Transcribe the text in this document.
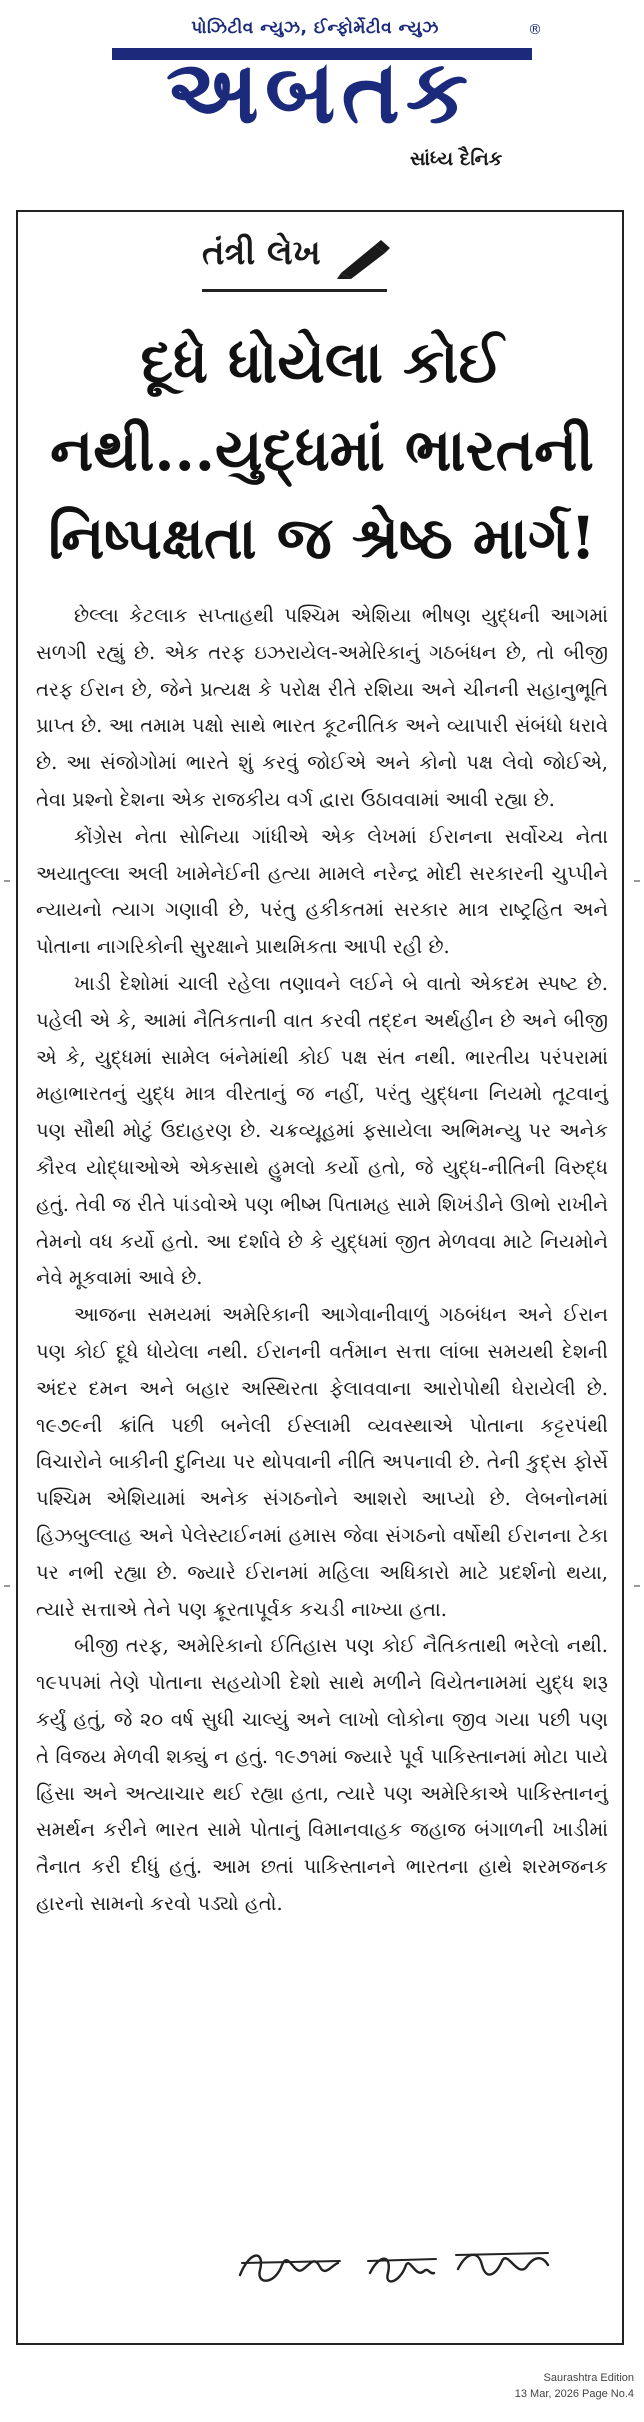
પોઝિટીવ ન્યુઝ, ઈન્ફોર્મેટીવ ન્યુઝ
અબતક
®
સાંધ્ય દૈનિક
તંત્રી લેખ
દૂધે ધોયેલા કોઈ નથી...યુદ્ધમાં ભારતની નિષ્પક્ષતા જ શ્રેષ્ઠ માર્ગ!

છેલ્લા કેટલાક સપ્તાહથી પશ્ચિમ એશિયા ભીષણ યુદ્ધની આગમાં સળગી રહ્યું છે. એક તરફ ઇઝરાયેલ-અમેરિકાનું ગઠબંધન છે, તો બીજી તરફ ઈરાન છે, જેને પ્રત્યક્ષ કે પરોક્ષ રીતે રશિયા અને ચીનની સહાનુભૂતિ પ્રાપ્ત છે. આ તમામ પક્ષો સાથે ભારત કૂટનીતિક અને વ્યાપારી સંબંધો ધરાવે છે. આ સંજોગોમાં ભારતે શું કરવું જોઈએ અને કોનો પક્ષ લેવો જોઈએ, તેવા પ્રશ્નો દેશના એક રાજકીય વર્ગ દ્વારા ઉઠાવવામાં આવી રહ્યા છે.

કોંગ્રેસ નેતા સોનિયા ગાંધીએ એક લેખમાં ઈરાનના સર્વોચ્ચ નેતા અયાતુલ્લા અલી ખામેનેઈની હત્યા મામલે નરેન્દ્ર મોદી સરકારની ચુપ્પીને ન્યાયનો ત્યાગ ગણાવી છે, પરંતુ હકીકતમાં સરકાર માત્ર રાષ્ટ્રહિત અને પોતાના નાગરિકોની સુરક્ષાને પ્રાથમિકતા આપી રહી છે.

ખાડી દેશોમાં ચાલી રહેલા તણાવને લઈને બે વાતો એકદમ સ્પષ્ટ છે. પહેલી એ કે, આમાં નૈતિકતાની વાત કરવી તદ્દન અર્થહીન છે અને બીજી એ કે, યુદ્ધમાં સામેલ બંનેમાંથી કોઈ પક્ષ સંત નથી. ભારતીય પરંપરામાં મહાભારતનું યુદ્ધ માત્ર વીરતાનું જ નહીં, પરંતુ યુદ્ધના નિયમો તૂટવાનું પણ સૌથી મોટું ઉદાહરણ છે. ચક્રવ્યૂહમાં ફસાયેલા અભિમન્યુ પર અનેક કૌરવ યોદ્ધાઓએ એકસાથે હુમલો કર્યો હતો, જે યુદ્ધ-નીતિની વિરુદ્ધ હતું. તેવી જ રીતે પાંડવોએ પણ ભીષ્મ પિતામહ સામે શિખંડીને ઊભો રાખીને તેમનો વધ કર્યો હતો. આ દર્શાવે છે કે યુદ્ધમાં જીત મેળવવા માટે નિયમોને નેવે મૂકવામાં આવે છે.

આજના સમયમાં અમેરિકાની આગેવાનીવાળું ગઠબંધન અને ઈરાન પણ કોઈ દૂધે ધોયેલા નથી. ઈરાનની વર્તમાન સત્તા લાંબા સમયથી દેશની અંદર દમન અને બહાર અસ્થિરતા ફેલાવવાના આરોપોથી ઘેરાયેલી છે. ૧૯૭૯ની ક્રાંતિ પછી બનેલી ઈસ્લામી વ્યવસ્થાએ પોતાના કટ્ટરપંથી વિચારોને બાકીની દુનિયા પર થોપવાની નીતિ અપનાવી છે. તેની કુદ્સ ફોર્સે પશ્ચિમ એશિયામાં અનેક સંગઠનોને આશરો આપ્યો છે. લેબનોનમાં હિઝબુલ્લાહ અને પેલેસ્ટાઈનમાં હમાસ જેવા સંગઠનો વર્ષોથી ઈરાનના ટેકા પર નભી રહ્યા છે. જ્યારે ઈરાનમાં મહિલા અધિકારો માટે પ્રદર્શનો થયા, ત્યારે સત્તાએ તેને પણ ક્રૂરતાપૂર્વક કચડી નાખ્યા હતા.

બીજી તરફ, અમેરિકાનો ઈતિહાસ પણ કોઈ નૈતિકતાથી ભરેલો નથી. ૧૯૫૫માં તેણે પોતાના સહયોગી દેશો સાથે મળીને વિયેતનામમાં યુદ્ધ શરૂ કર્યું હતું, જે ૨૦ વર્ષ સુધી ચાલ્યું અને લાખો લોકોના જીવ ગયા પછી પણ તે વિજય મેળવી શક્યું ન હતું. ૧૯૭૧માં જ્યારે પૂર્વ પાકિસ્તાનમાં મોટા પાયે હિંસા અને અત્યાચાર થઈ રહ્યા હતા, ત્યારે પણ અમેરિકાએ પાકિસ્તાનનું સમર્થન કરીને ભારત સામે પોતાનું વિમાનવાહક જહાજ બંગાળની ખાડીમાં તૈનાત કરી દીધું હતું. આમ છતાં પાકિસ્તાનને ભારતના હાથે શરમજનક હારનો સામનો કરવો પડ્યો હતો.

Saurashtra Edition
13 Mar, 2026 Page No.4
